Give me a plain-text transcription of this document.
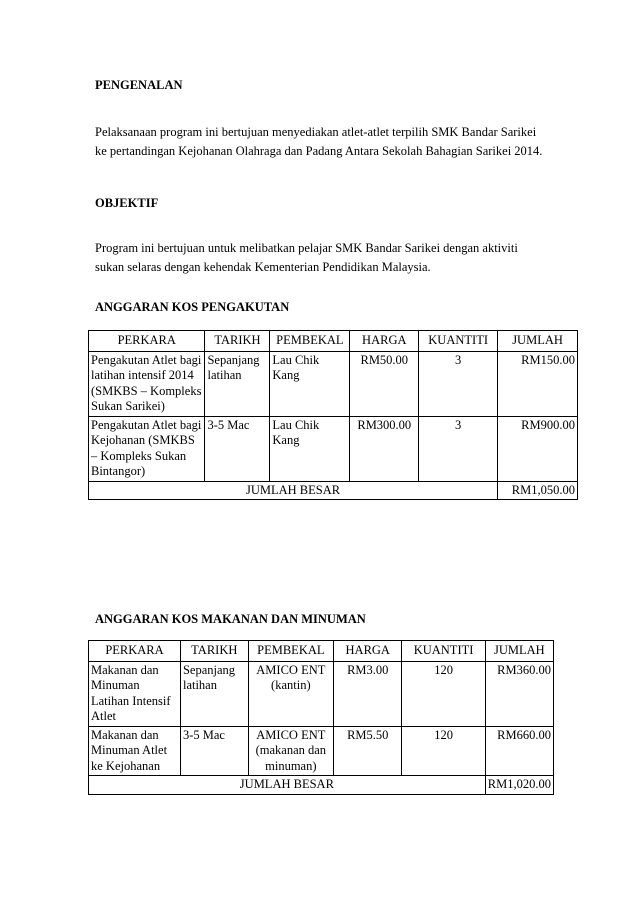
PENGENALAN
Pelaksanaan program ini bertujuan menyediakan atlet-atlet terpilih SMK Bandar Sarikei ke pertandingan Kejohanan Olahraga dan Padang Antara Sekolah Bahagian Sarikei 2014.
OBJEKTIF
Program ini bertujuan untuk melibatkan pelajar SMK Bandar Sarikei dengan aktiviti sukan selaras dengan kehendak Kementerian Pendidikan Malaysia.
ANGGARAN KOS PENGAKUTAN
PERKARA	TARIKH	PEMBEKAL	HARGA	KUANTITI	JUMLAH
Pengakutan Atlet bagi latihan intensif 2014 (SMKBS – Kompleks Sukan Sarikei)	Sepanjang latihan	Lau Chik Kang	RM50.00	3	RM150.00
Pengakutan Atlet bagi Kejohanan (SMKBS – Kompleks Sukan Bintangor)	3-5 Mac	Lau Chik Kang	RM300.00	3	RM900.00
JUMLAH BESAR					RM1,050.00
ANGGARAN KOS MAKANAN DAN MINUMAN
PERKARA	TARIKH	PEMBEKAL	HARGA	KUANTITI	JUMLAH
Makanan dan Minuman Latihan Intensif Atlet	Sepanjang latihan	AMICO ENT (kantin)	RM3.00	120	RM360.00
Makanan dan Minuman Atlet ke Kejohanan	3-5 Mac	AMICO ENT (makanan dan minuman)	RM5.50	120	RM660.00
JUMLAH BESAR					RM1,020.00
